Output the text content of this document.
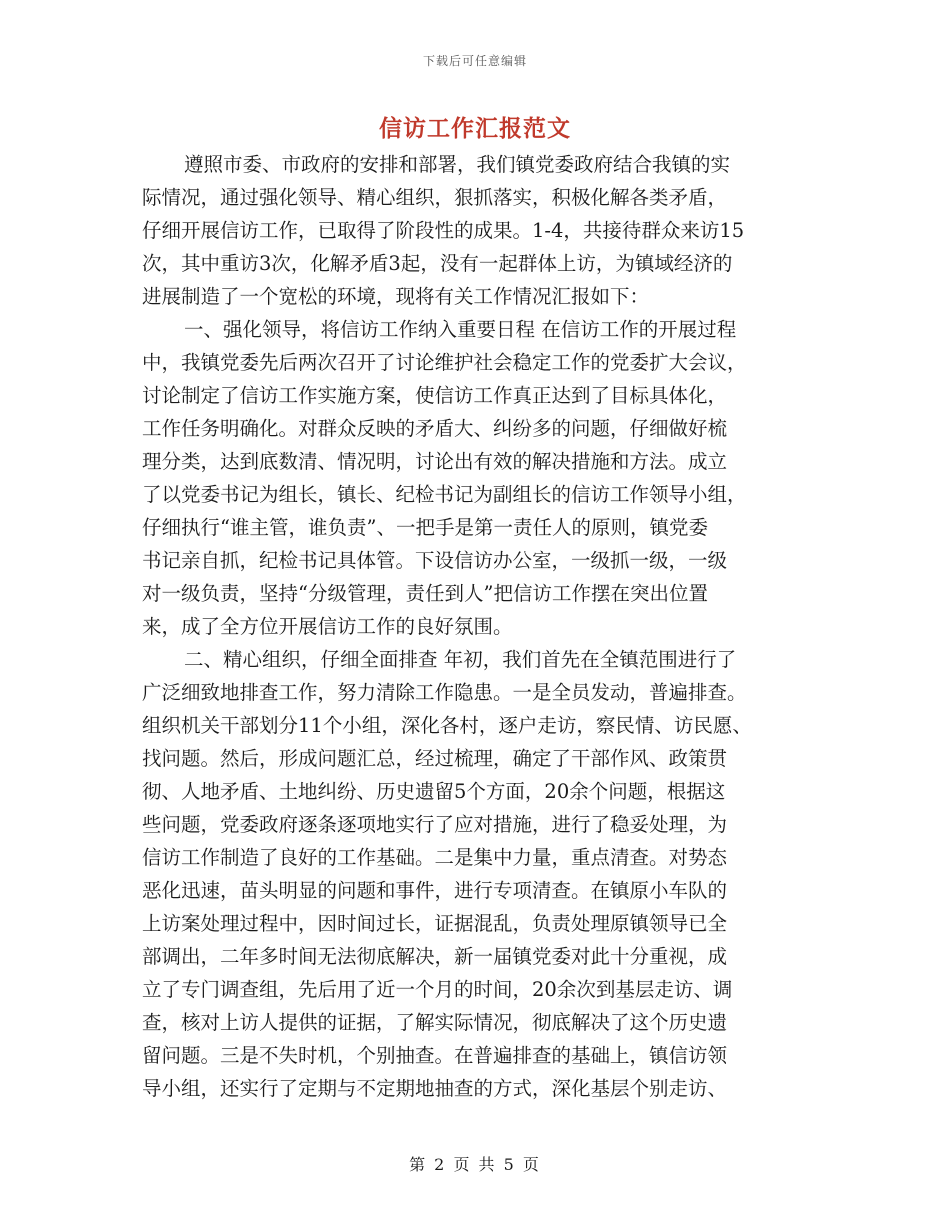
下载后可任意编辑
信访工作汇报范文
遵照市委、市政府的安排和部署，我们镇党委政府结合我镇的实
际情况，通过强化领导、精心组织，狠抓落实，积极化解各类矛盾，
仔细开展信访工作，已取得了阶段性的成果。1-4，共接待群众来访15
次，其中重访3次，化解矛盾3起，没有一起群体上访，为镇域经济的
进展制造了一个宽松的环境，现将有关工作情况汇报如下：
一、强化领导，将信访工作纳入重要日程 在信访工作的开展过程
中，我镇党委先后两次召开了讨论维护社会稳定工作的党委扩大会议，
讨论制定了信访工作实施方案，使信访工作真正达到了目标具体化，
工作任务明确化。对群众反映的矛盾大、纠纷多的问题，仔细做好梳
理分类，达到底数清、情况明，讨论出有效的解决措施和方法。成立
了以党委书记为组长，镇长、纪检书记为副组长的信访工作领导小组，
仔细执行“谁主管，谁负责”、一把手是第一责任人的原则，镇党委
书记亲自抓，纪检书记具体管。下设信访办公室，一级抓一级，一级
对一级负责，坚持“分级管理，责任到人”把信访工作摆在突出位置
来，成了全方位开展信访工作的良好氛围。
二、精心组织，仔细全面排查 年初，我们首先在全镇范围进行了
广泛细致地排查工作，努力清除工作隐患。一是全员发动，普遍排查。
组织机关干部划分11个小组，深化各村，逐户走访，察民情、访民愿、
找问题。然后，形成问题汇总，经过梳理，确定了干部作风、政策贯
彻、人地矛盾、土地纠纷、历史遗留5个方面，20余个问题，根据这
些问题，党委政府逐条逐项地实行了应对措施，进行了稳妥处理，为
信访工作制造了良好的工作基础。二是集中力量，重点清查。对势态
恶化迅速，苗头明显的问题和事件，进行专项清查。在镇原小车队的
上访案处理过程中，因时间过长，证据混乱，负责处理原镇领导已全
部调出，二年多时间无法彻底解决，新一届镇党委对此十分重视，成
立了专门调查组，先后用了近一个月的时间，20余次到基层走访、调
查，核对上访人提供的证据，了解实际情况，彻底解决了这个历史遗
留问题。三是不失时机，个别抽查。在普遍排查的基础上，镇信访领
导小组，还实行了定期与不定期地抽查的方式，深化基层个别走访、
第 2 页 共 5 页
